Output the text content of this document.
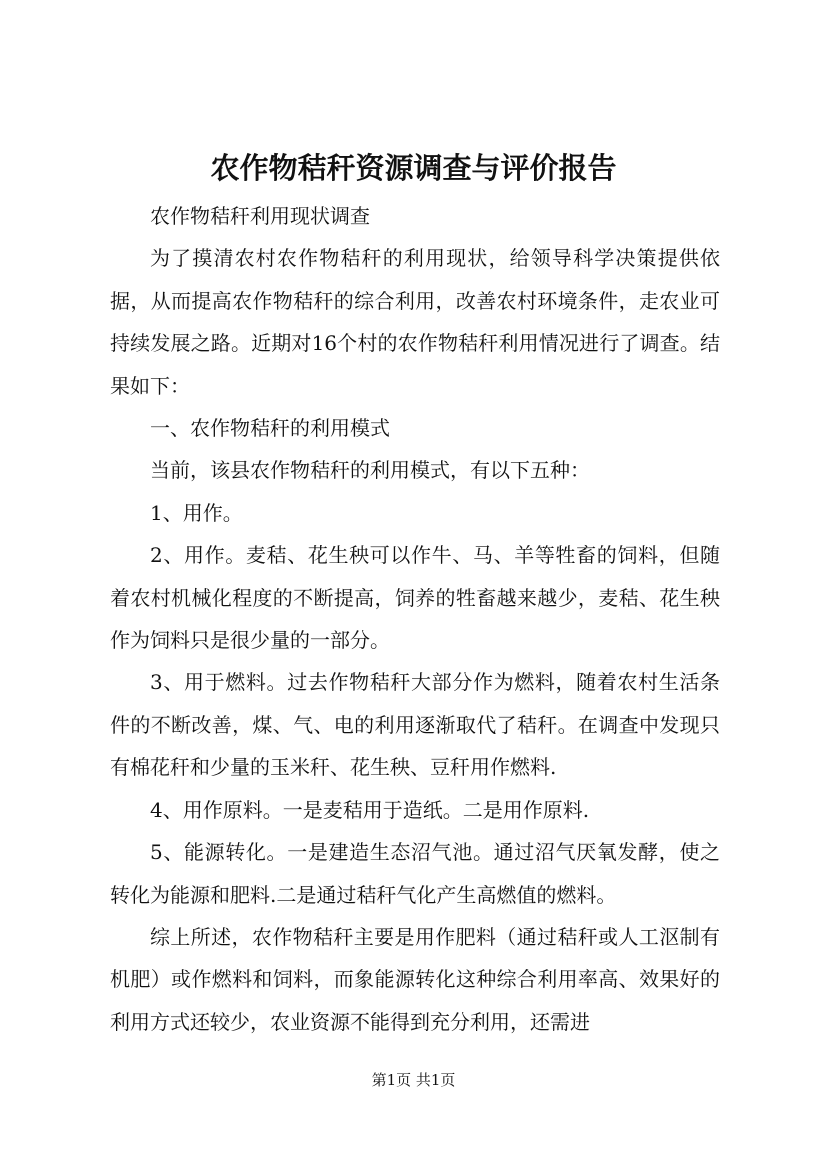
农作物秸秆资源调查与评价报告

农作物秸秆利用现状调查

为了摸清农村农作物秸秆的利用现状，给领导科学决策提供依据，从而提高农作物秸秆的综合利用，改善农村环境条件，走农业可持续发展之路。近期对16个村的农作物秸秆利用情况进行了调查。结果如下：

一、农作物秸秆的利用模式

当前，该县农作物秸秆的利用模式，有以下五种：

1、用作。

2、用作。麦秸、花生秧可以作牛、马、羊等牲畜的饲料，但随着农村机械化程度的不断提高，饲养的牲畜越来越少，麦秸、花生秧作为饲料只是很少量的一部分。

3、用于燃料。过去作物秸秆大部分作为燃料，随着农村生活条件的不断改善，煤、气、电的利用逐渐取代了秸秆。在调查中发现只有棉花秆和少量的玉米秆、花生秧、豆秆用作燃料.

4、用作原料。一是麦秸用于造纸。二是用作原料.

5、能源转化。一是建造生态沼气池。通过沼气厌氧发酵，使之转化为能源和肥料.二是通过秸秆气化产生高燃值的燃料。

综上所述，农作物秸秆主要是用作肥料（通过秸秆或人工沤制有机肥）或作燃料和饲料，而象能源转化这种综合利用率高、效果好的利用方式还较少，农业资源不能得到充分利用，还需进

第1页 共1页
